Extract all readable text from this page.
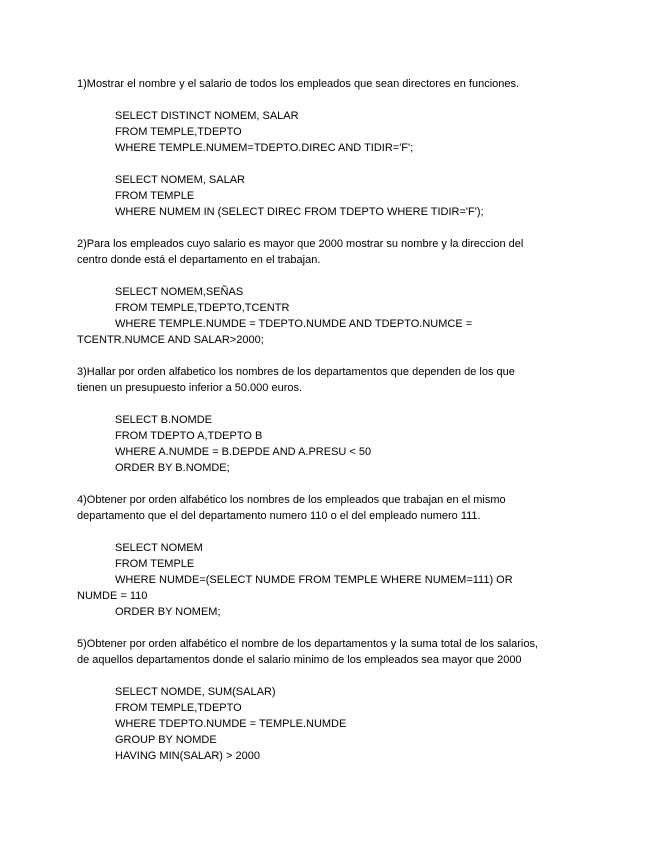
1)Mostrar el nombre y el salario de todos los empleados que sean directores en funciones.
SELECT DISTINCT NOMEM, SALAR
FROM TEMPLE,TDEPTO
WHERE TEMPLE.NUMEM=TDEPTO.DIREC AND TIDIR='F';
SELECT NOMEM, SALAR
FROM TEMPLE
WHERE NUMEM IN (SELECT DIREC FROM TDEPTO WHERE TIDIR='F');
2)Para los empleados cuyo salario es mayor que 2000 mostrar su nombre y la direccion del
centro donde está el departamento en el trabajan.
SELECT NOMEM,SEÑAS
FROM TEMPLE,TDEPTO,TCENTR
WHERE TEMPLE.NUMDE = TDEPTO.NUMDE AND TDEPTO.NUMCE =
TCENTR.NUMCE AND SALAR>2000;
3)Hallar por orden alfabetico los nombres de los departamentos que dependen de los que
tienen un presupuesto inferior a 50.000 euros.
SELECT B.NOMDE
FROM TDEPTO A,TDEPTO B
WHERE A.NUMDE = B.DEPDE AND A.PRESU < 50
ORDER BY B.NOMDE;
4)Obtener por orden alfabético los nombres de los empleados que trabajan en el mismo
departamento que el del departamento numero 110 o el del empleado numero 111.
SELECT NOMEM
FROM TEMPLE
WHERE NUMDE=(SELECT NUMDE FROM TEMPLE WHERE NUMEM=111) OR
NUMDE = 110
ORDER BY NOMEM;
5)Obtener por orden alfabético el nombre de los departamentos y la suma total de los salarios,
de aquellos departamentos donde el salario minimo de los empleados sea mayor que 2000
SELECT NOMDE, SUM(SALAR)
FROM TEMPLE,TDEPTO
WHERE TDEPTO.NUMDE = TEMPLE.NUMDE
GROUP BY NOMDE
HAVING MIN(SALAR) > 2000
